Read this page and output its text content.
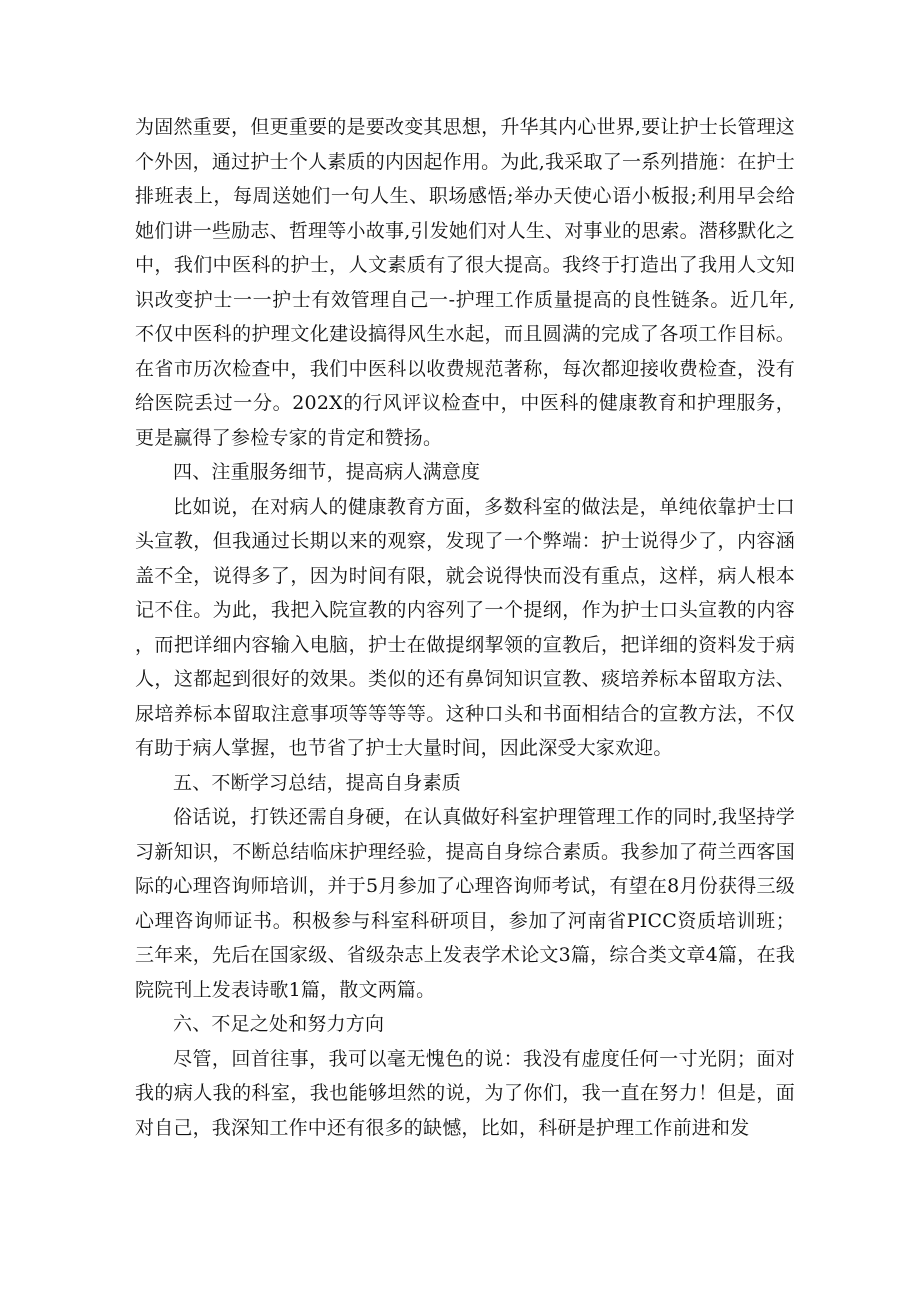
为固然重要，但更重要的是要改变其思想，升华其内心世界,要让护士长管理这个外因，通过护士个人素质的内因起作用。为此,我采取了一系列措施：在护士排班表上，每周送她们一句人生、职场感悟;举办天使心语小板报;利用早会给她们讲一些励志、哲理等小故事,引发她们对人生、对事业的思索。潜移默化之中，我们中医科的护士，人文素质有了很大提高。我终于打造出了我用人文知识改变护士一一护士有效管理自己一-护理工作质量提高的良性链条。近几年,不仅中医科的护理文化建设搞得风生水起，而且圆满的完成了各项工作目标。在省市历次检查中，我们中医科以收费规范著称，每次都迎接收费检查，没有给医院丢过一分。202X的行风评议检查中，中医科的健康教育和护理服务，更是赢得了参检专家的肯定和赞扬。

四、注重服务细节，提高病人满意度

比如说，在对病人的健康教育方面，多数科室的做法是，单纯依靠护士口头宣教，但我通过长期以来的观察，发现了一个弊端：护士说得少了，内容涵盖不全，说得多了，因为时间有限，就会说得快而没有重点，这样，病人根本记不住。为此，我把入院宣教的内容列了一个提纲，作为护士口头宣教的内容，而把详细内容输入电脑，护士在做提纲挈领的宣教后，把详细的资料发于病人，这都起到很好的效果。类似的还有鼻饲知识宣教、痰培养标本留取方法、尿培养标本留取注意事项等等等等。这种口头和书面相结合的宣教方法，不仅有助于病人掌握，也节省了护士大量时间，因此深受大家欢迎。

五、不断学习总结，提高自身素质

俗话说，打铁还需自身硬，在认真做好科室护理管理工作的同时,我坚持学习新知识，不断总结临床护理经验，提高自身综合素质。我参加了荷兰西客国际的心理咨询师培训，并于5月参加了心理咨询师考试，有望在8月份获得三级心理咨询师证书。积极参与科室科研项目，参加了河南省PICC资质培训班；三年来，先后在国家级、省级杂志上发表学术论文3篇，综合类文章4篇，在我院院刊上发表诗歌1篇，散文两篇。

六、不足之处和努力方向

尽管，回首往事，我可以毫无愧色的说：我没有虚度任何一寸光阴；面对我的病人我的科室，我也能够坦然的说，为了你们，我一直在努力！但是，面对自己，我深知工作中还有很多的缺憾，比如，科研是护理工作前进和发
